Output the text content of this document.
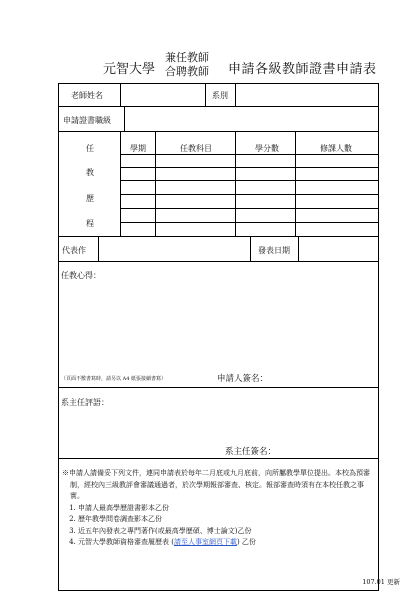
元智大學
兼任教師
合聘教師 申請各級教師證書申請表
老師姓名	系別
申請證書職級
任
教
歷
程
學期	任教科目	學分數	修課人數
代表作	發表日期
任教心得：
（頁面不敷書寫時，請另以 A4 紙張接續書寫）	申請人簽名：
系主任評語：
系主任簽名：
※申請人請備妥下列文件，連同申請表於每年二月底或九月底前，向所屬教學單位提出。本校為預審制，經校內三級教評會審議通過者，於次學期報部審查、核定。報部審查時須有在本校任教之事實。
1. 申請人最高學歷證書影本乙份
2. 歷年教學問卷調查影本乙份
3. 近五年內發表之專門著作(或最高學歷碩、博士論文)乙份
4. 元智大學教師資格審查履歷表 (請至人事室網頁下載) 乙份
107.01 更新
